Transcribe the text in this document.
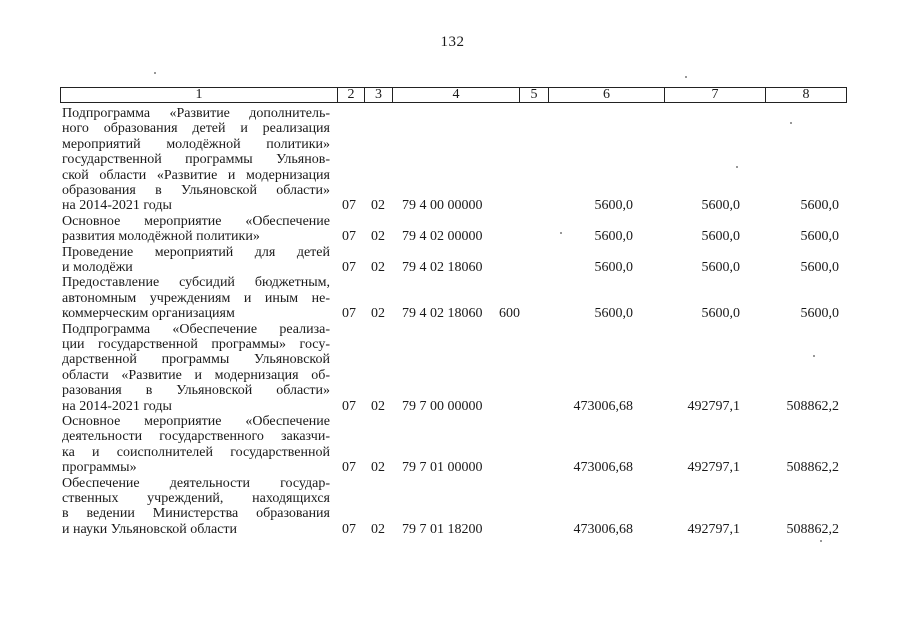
132
1	2	3	4	5	6	7	8
Подпрограмма «Развитие дополнитель-
ного образования детей и реализация
мероприятий молодёжной политики»
государственной программы Ульянов-
ской области «Развитие и модернизация
образования в Ульяновской области»
на 2014-2021 годы	07 02 79 4 00 00000	5600,0	5600,0	5600,0
Основное мероприятие «Обеспечение
развития молодёжной политики»	07 02 79 4 02 00000	5600,0	5600,0	5600,0
Проведение мероприятий для детей
и молодёжи	07 02 79 4 02 18060	5600,0	5600,0	5600,0
Предоставление субсидий бюджетным,
автономным учреждениям и иным не-
коммерческим организациям	07 02 79 4 02 18060 600	5600,0	5600,0	5600,0
Подпрограмма «Обеспечение реализа-
ции государственной программы» госу-
дарственной программы Ульяновской
области «Развитие и модернизация об-
разования в Ульяновской области»
на 2014-2021 годы	07 02 79 7 00 00000	473006,68	492797,1	508862,2
Основное мероприятие «Обеспечение
деятельности государственного заказчи-
ка и соисполнителей государственной
программы»	07 02 79 7 01 00000	473006,68	492797,1	508862,2
Обеспечение деятельности государ-
ственных учреждений, находящихся
в ведении Министерства образования
и науки Ульяновской области	07 02 79 7 01 18200	473006,68	492797,1	508862,2
